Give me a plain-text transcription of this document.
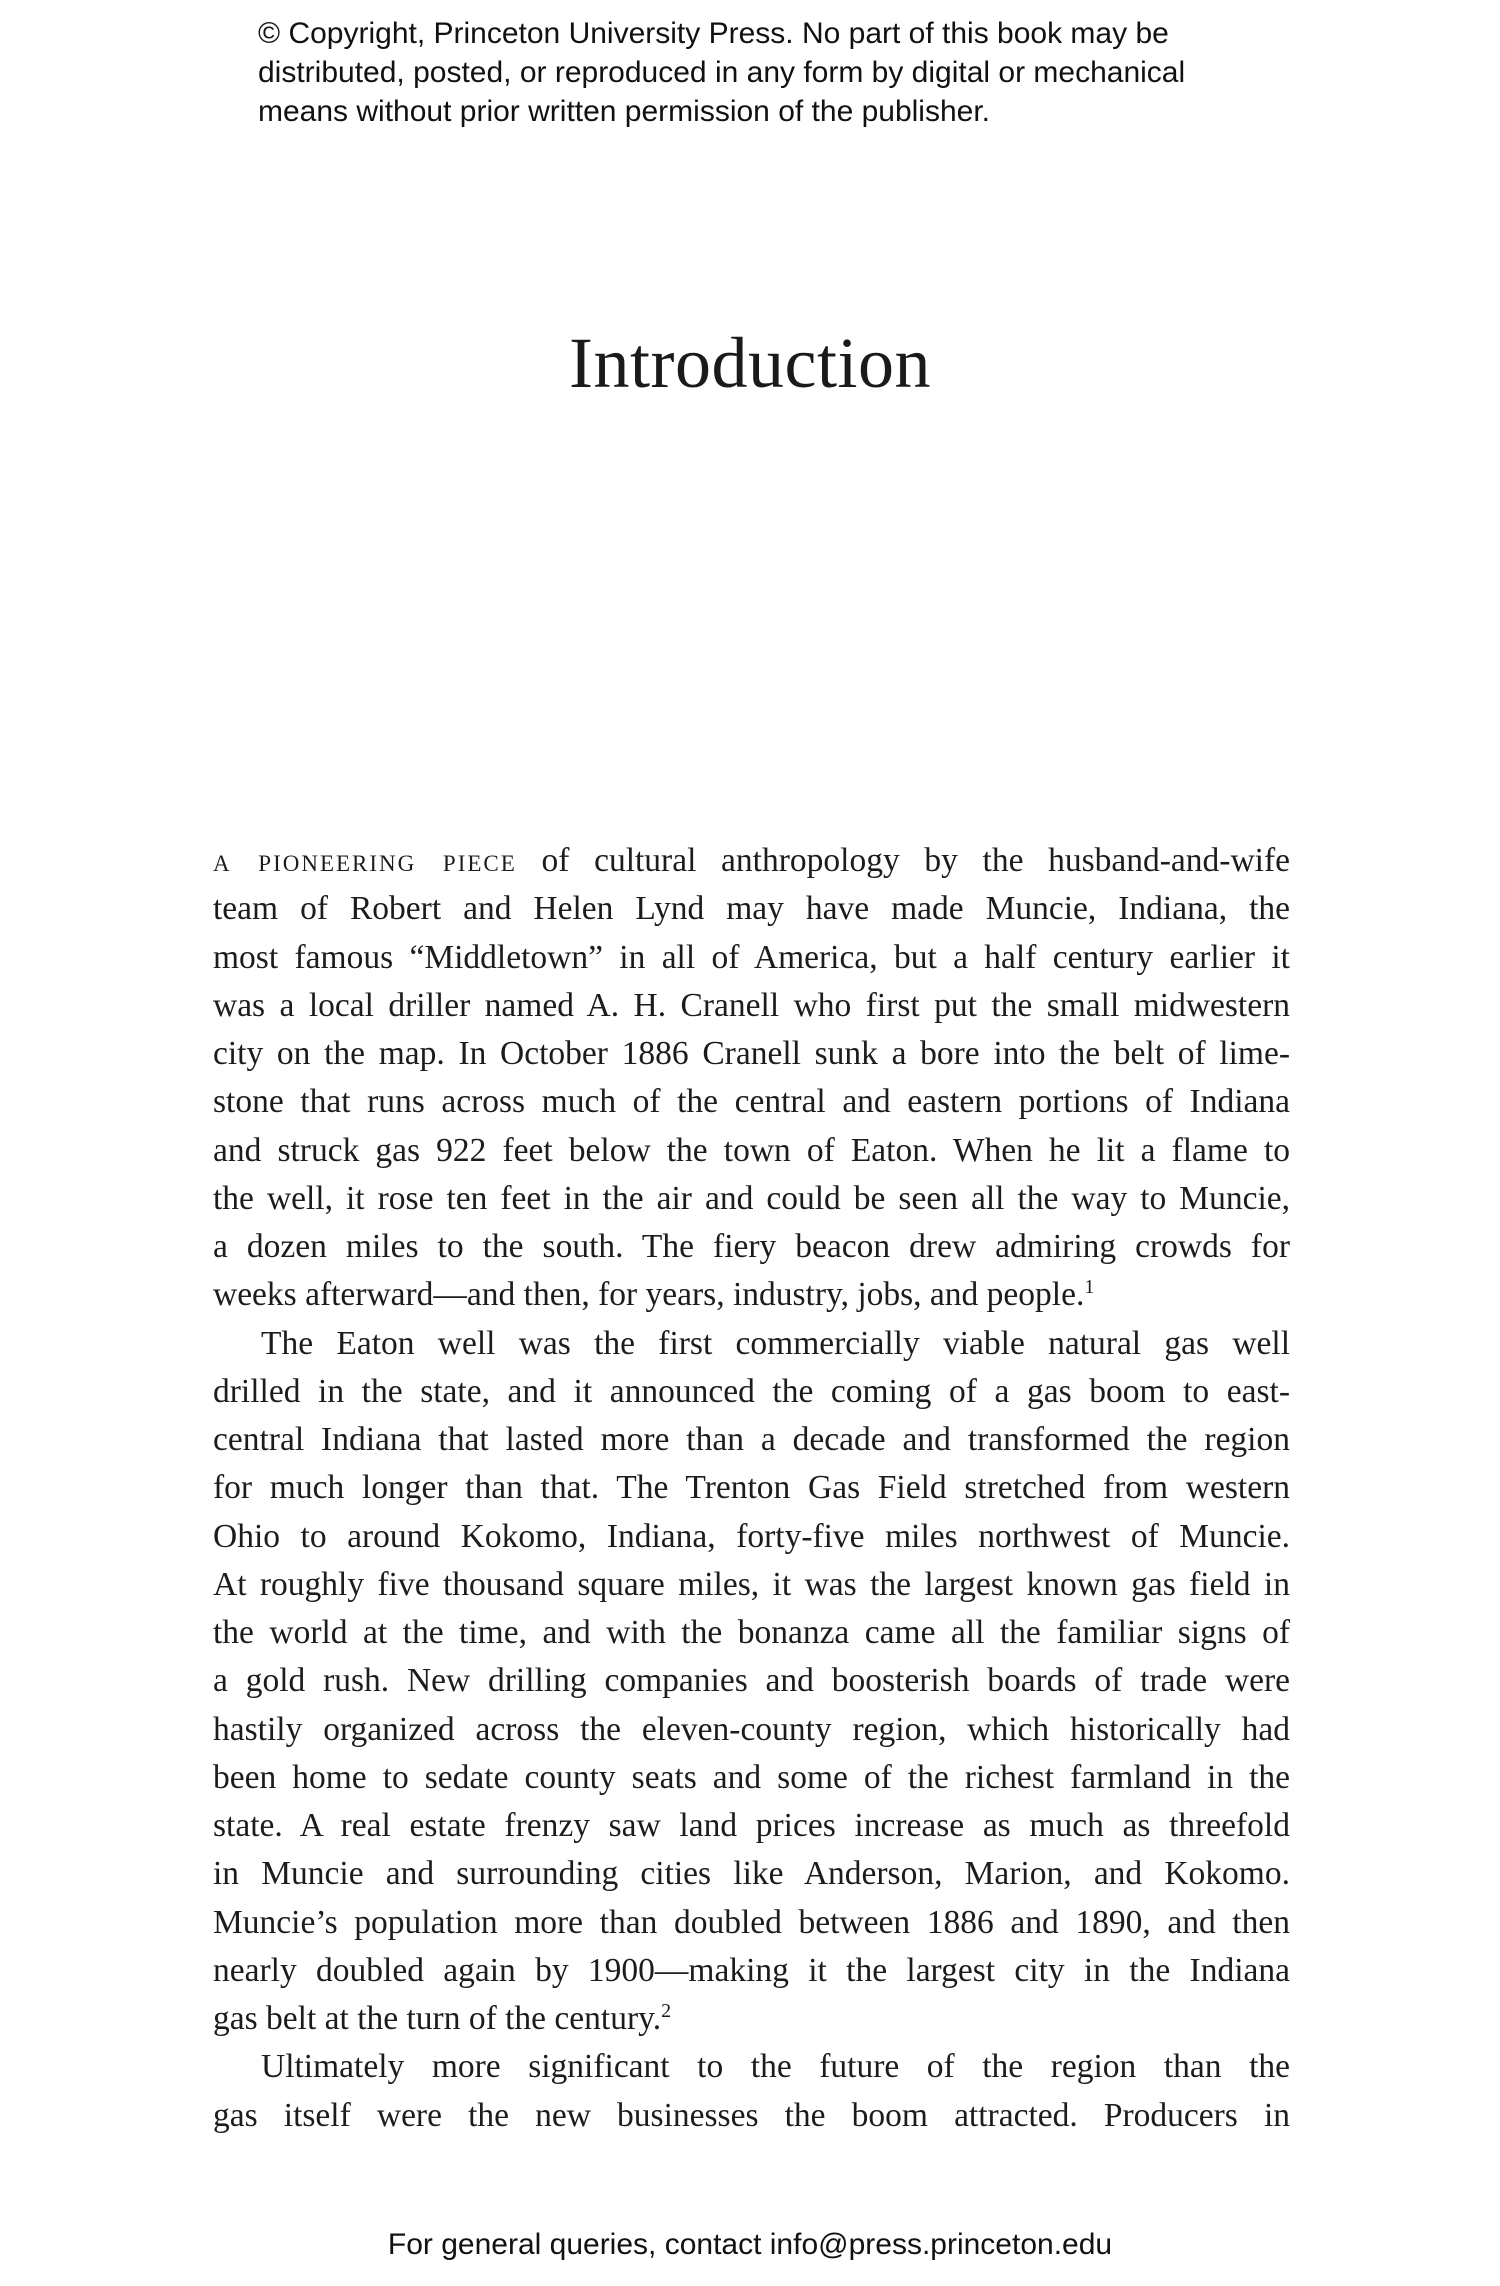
© Copyright, Princeton University Press. No part of this book may be
distributed, posted, or reproduced in any form by digital or mechanical
means without prior written permission of the publisher.
Introduction
a pioneering piece of cultural anthropology by the husband-and-wife
team of Robert and Helen Lynd may have made Muncie, Indiana, the
most famous “Middletown” in all of America, but a half century earlier it
was a local driller named A. H. Cranell who first put the small midwestern
city on the map. In October 1886 Cranell sunk a bore into the belt of lime-
stone that runs across much of the central and eastern portions of Indiana
and struck gas 922 feet below the town of Eaton. When he lit a flame to
the well, it rose ten feet in the air and could be seen all the way to Muncie,
a dozen miles to the south. The fiery beacon drew admiring crowds for
weeks afterward—and then, for years, industry, jobs, and people.$^1$
The Eaton well was the first commercially viable natural gas well
drilled in the state, and it announced the coming of a gas boom to east-
central Indiana that lasted more than a decade and transformed the region
for much longer than that. The Trenton Gas Field stretched from western
Ohio to around Kokomo, Indiana, forty-five miles northwest of Muncie.
At roughly five thousand square miles, it was the largest known gas field in
the world at the time, and with the bonanza came all the familiar signs of
a gold rush. New drilling companies and boosterish boards of trade were
hastily organized across the eleven-county region, which historically had
been home to sedate county seats and some of the richest farmland in the
state. A real estate frenzy saw land prices increase as much as threefold
in Muncie and surrounding cities like Anderson, Marion, and Kokomo.
Muncie’s population more than doubled between 1886 and 1890, and then
nearly doubled again by 1900—making it the largest city in the Indiana
gas belt at the turn of the century.$^2$
Ultimately more significant to the future of the region than the
gas itself were the new businesses the boom attracted. Producers in
For general queries, contact info@press.princeton.edu
